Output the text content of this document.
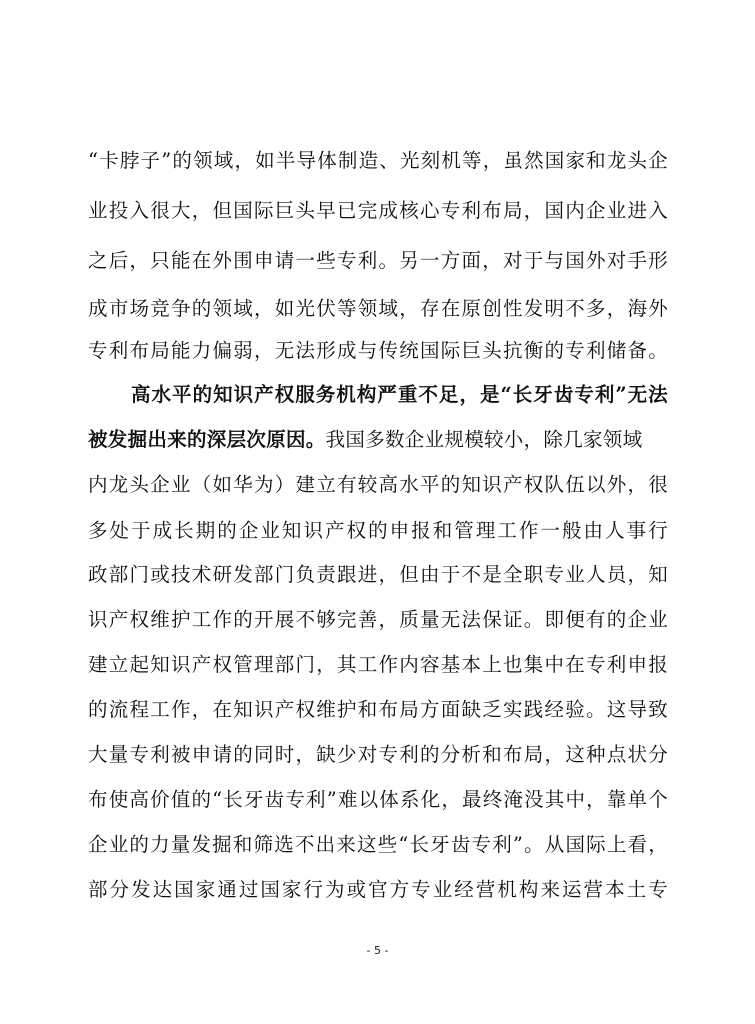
“卡脖子”的领域，如半导体制造、光刻机等，虽然国家和龙头企
业投入很大，但国际巨头早已完成核心专利布局，国内企业进入
之后，只能在外围申请一些专利。另一方面，对于与国外对手形
成市场竞争的领域，如光伏等领域，存在原创性发明不多，海外
专利布局能力偏弱，无法形成与传统国际巨头抗衡的专利储备。
高水平的知识产权服务机构严重不足，是“长牙齿专利”无法
被发掘出来的深层次原因。我国多数企业规模较小，除几家领域
内龙头企业（如华为）建立有较高水平的知识产权队伍以外，很
多处于成长期的企业知识产权的申报和管理工作一般由人事行
政部门或技术研发部门负责跟进，但由于不是全职专业人员，知
识产权维护工作的开展不够完善，质量无法保证。即便有的企业
建立起知识产权管理部门，其工作内容基本上也集中在专利申报
的流程工作，在知识产权维护和布局方面缺乏实践经验。这导致
大量专利被申请的同时，缺少对专利的分析和布局，这种点状分
布使高价值的“长牙齿专利”难以体系化，最终淹没其中，靠单个
企业的力量发掘和筛选不出来这些“长牙齿专利”。从国际上看，
部分发达国家通过国家行为或官方专业经营机构来运营本土专
- 5 -
